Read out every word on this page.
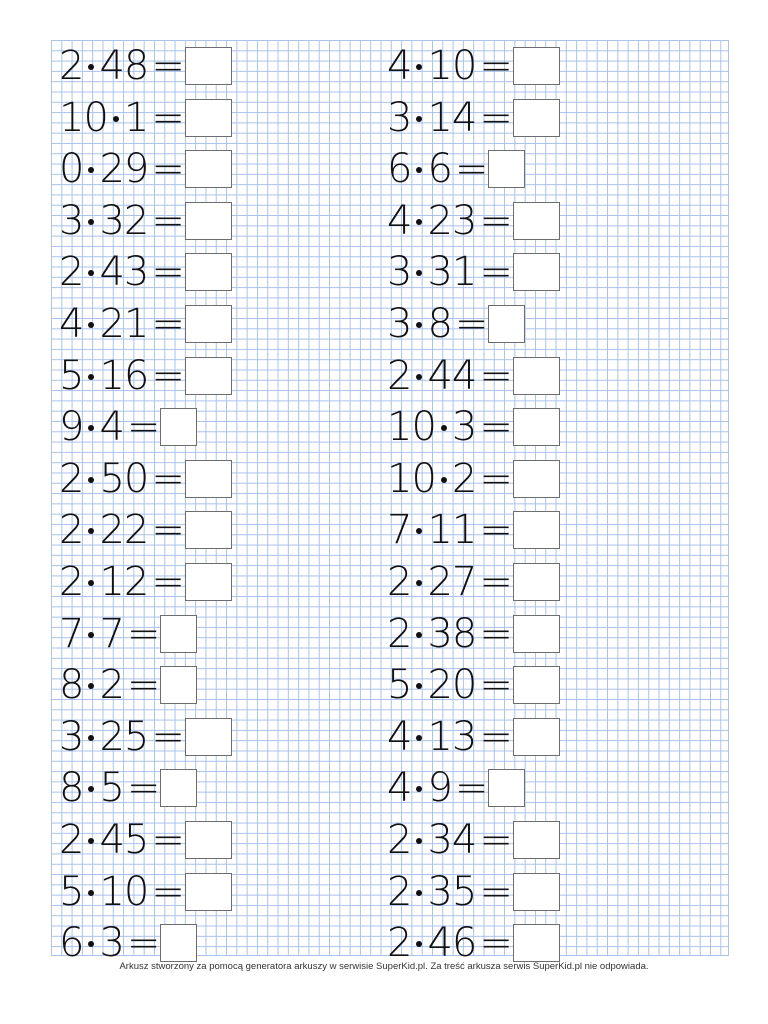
2 48 =
10 1 =
0 29 =
3 32 =
2 43 =
4 21 =
5 16 =
9 4 =
2 50 =
2 22 =
2 12 =
7 7 =
8 2 =
3 25 =
8 5 =
2 45 =
5 10 =
6 3 =
4 10 =
3 14 =
6 6 =
4 23 =
3 31 =
3 8 =
2 44 =
10 3 =
10 2 =
7 11 =
2 27 =
2 38 =
5 20 =
4 13 =
4 9 =
2 34 =
2 35 =
2 46 =
Arkusz stworzony za pomocą generatora arkuszy w serwisie SuperKid.pl. Za treść arkusza serwis SuperKid.pl nie odpowiada.
